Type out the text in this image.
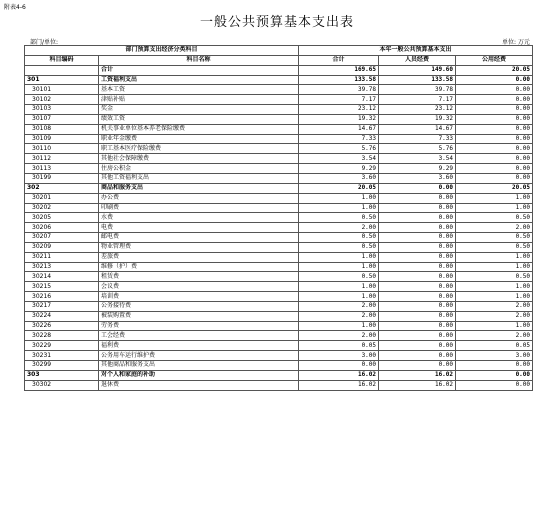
附表4-6
一般公共预算基本支出表
部门/单位:	单位: 万元
部门预算支出经济分类科目		本年一般公共预算基本支出		
科目编码	科目名称	合计	人员经费	公用经费
	合计	169.65	149.60	20.05
301	工资福利支出	133.58	133.58	0.00
30101	基本工资	39.78	39.78	0.00
30102	津贴补贴	7.17	7.17	0.00
30103	奖金	23.12	23.12	0.00
30107	绩效工资	19.32	19.32	0.00
30108	机关事业单位基本养老保险缴费	14.67	14.67	0.00
30109	职业年金缴费	7.33	7.33	0.00
30110	职工基本医疗保险缴费	5.76	5.76	0.00
30112	其他社会保障缴费	3.54	3.54	0.00
30113	住房公积金	9.29	9.29	0.00
30199	其他工资福利支出	3.60	3.60	0.00
302	商品和服务支出	20.05	0.00	20.05
30201	办公费	1.00	0.00	1.00
30202	印刷费	1.00	0.00	1.00
30205	水费	0.50	0.00	0.50
30206	电费	2.00	0.00	2.00
30207	邮电费	0.50	0.00	0.50
30209	物业管理费	0.50	0.00	0.50
30211	差旅费	1.00	0.00	1.00
30213	维修（护）费	1.00	0.00	1.00
30214	租赁费	0.50	0.00	0.50
30215	会议费	1.00	0.00	1.00
30216	培训费	1.00	0.00	1.00
30217	公务接待费	2.00	0.00	2.00
30224	被装购置费	2.00	0.00	2.00
30226	劳务费	1.00	0.00	1.00
30228	工会经费	2.00	0.00	2.00
30229	福利费	0.05	0.00	0.05
30231	公务用车运行维护费	3.00	0.00	3.00
30299	其他商品和服务支出	0.00	0.00	0.00
303	对个人和家庭的补助	16.02	16.02	0.00
30302	退休费	16.02	16.02	0.00
